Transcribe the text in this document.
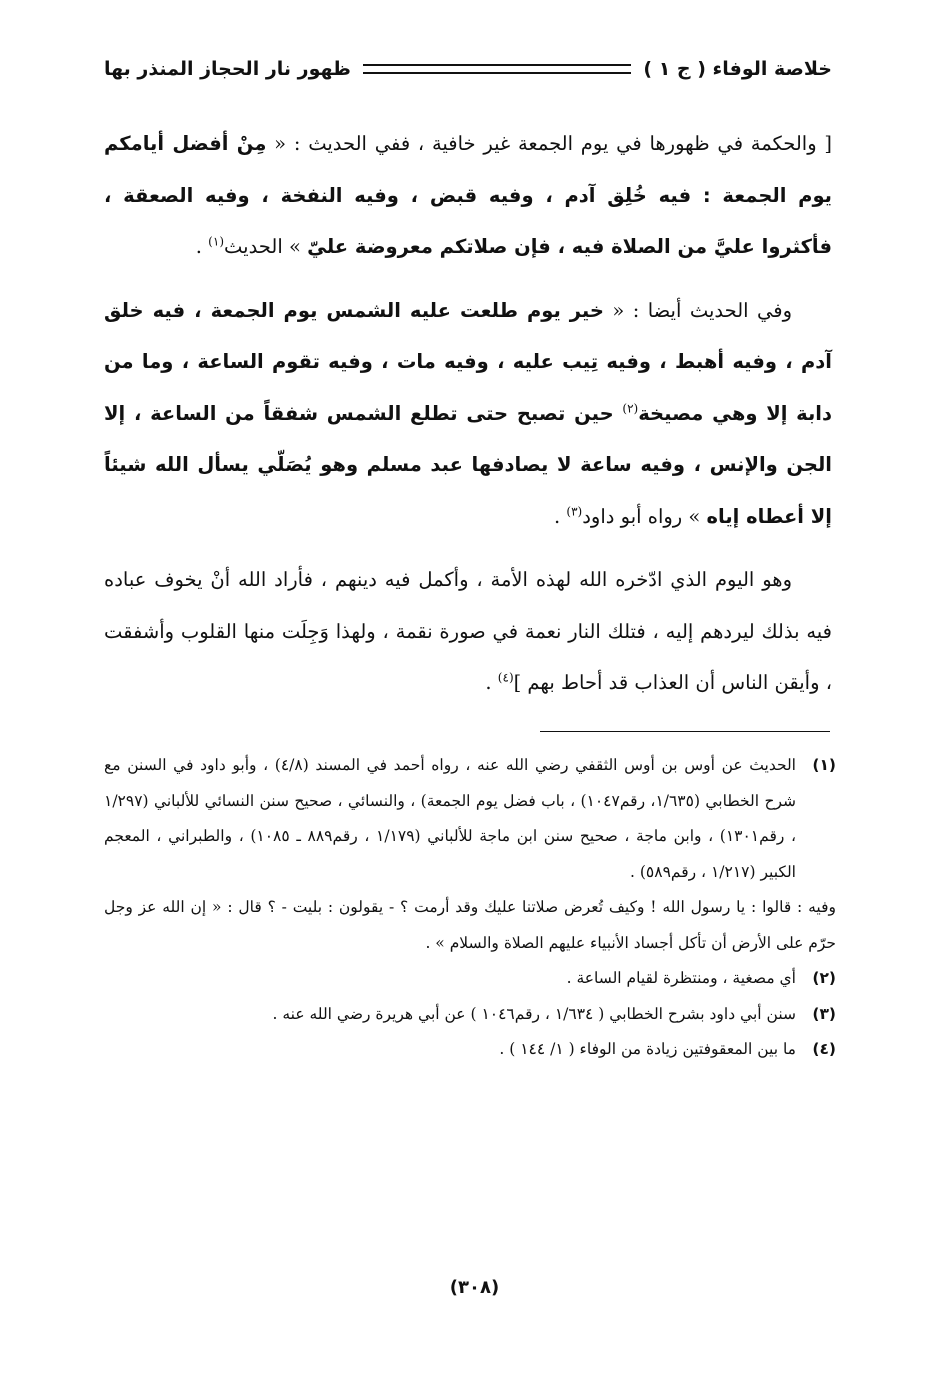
خلاصة الوفاء ( ج ١ )
ظهور نار الحجاز المنذر بها

[ والحكمة في ظهورها في يوم الجمعة غير خافية ، ففي الحديث : « مِنْ أفضل أيامكم يوم الجمعة : فيه خُلِق آدم ، وفيه قبض ، وفيه النفخة ، وفيه الصعقة ، فأكثروا عليَّ من الصلاة فيه ، فإن صلاتكم معروضة عليّ » الحديث$^{(١)}$ .

وفي الحديث أيضا : « خير يوم طلعت عليه الشمس يوم الجمعة ، فيه خلق آدم ، وفيه أهبط ، وفيه تِيب عليه ، وفيه مات ، وفيه تقوم الساعة ، وما من دابة إلا وهي مصيخة$^{(٢)}$ حين تصبح حتى تطلع الشمس شفقاً من الساعة ، إلا الجن والإنس ، وفيه ساعة لا يصادفها عبد مسلم وهو يُصَلّي يسأل الله شيئاً إلا أعطاه إياه » رواه أبو داود$^{(٣)}$ .

وهو اليوم الذي ادّخره الله لهذه الأمة ، وأكمل فيه دينهم ، فأراد الله أنْ يخوف عباده فيه بذلك ليردهم إليه ، فتلك النار نعمة في صورة نقمة ، ولهذا وَجِلَت منها القلوب وأشفقت ، وأيقن الناس أن العذاب قد أحاط بهم ]$^{(٤)}$ .

(١)
الحديث عن أوس بن أوس الثقفي رضي الله عنه ، رواه أحمد في المسند (٤/٨) ، وأبو داود في السنن مع شرح الخطابي (١/٦٣٥، رقم١٠٤٧) ، باب فضل يوم الجمعة) ، والنسائي ، صحيح سنن النسائي للألباني (١/٢٩٧ ، رقم١٣٠١) ، وابن ماجة ، صحيح سنن ابن ماجة للألباني (١/١٧٩ ، رقم٨٨٩ ـ ١٠٨٥) ، والطبراني ، المعجم الكبير (١/٢١٧ ، رقم٥٨٩) .
وفيه : قالوا : يا رسول الله ! وكيف تُعرض صلاتنا عليك وقد أرمت ؟ - يقولون : بليت - ؟ قال : « إن الله عز وجل حرّم على الأرض أن تأكل أجساد الأنبياء عليهم الصلاة والسلام » .
(٢)
أي مصغية ، ومنتظرة لقيام الساعة .
(٣)
سنن أبي داود بشرح الخطابي ( ١/٦٣٤ ، رقم١٠٤٦ ) عن أبي هريرة رضي الله عنه .
(٤)
ما بين المعقوفتين زيادة من الوفاء ( ١/ ١٤٤ ) .
(٣٠٨)
